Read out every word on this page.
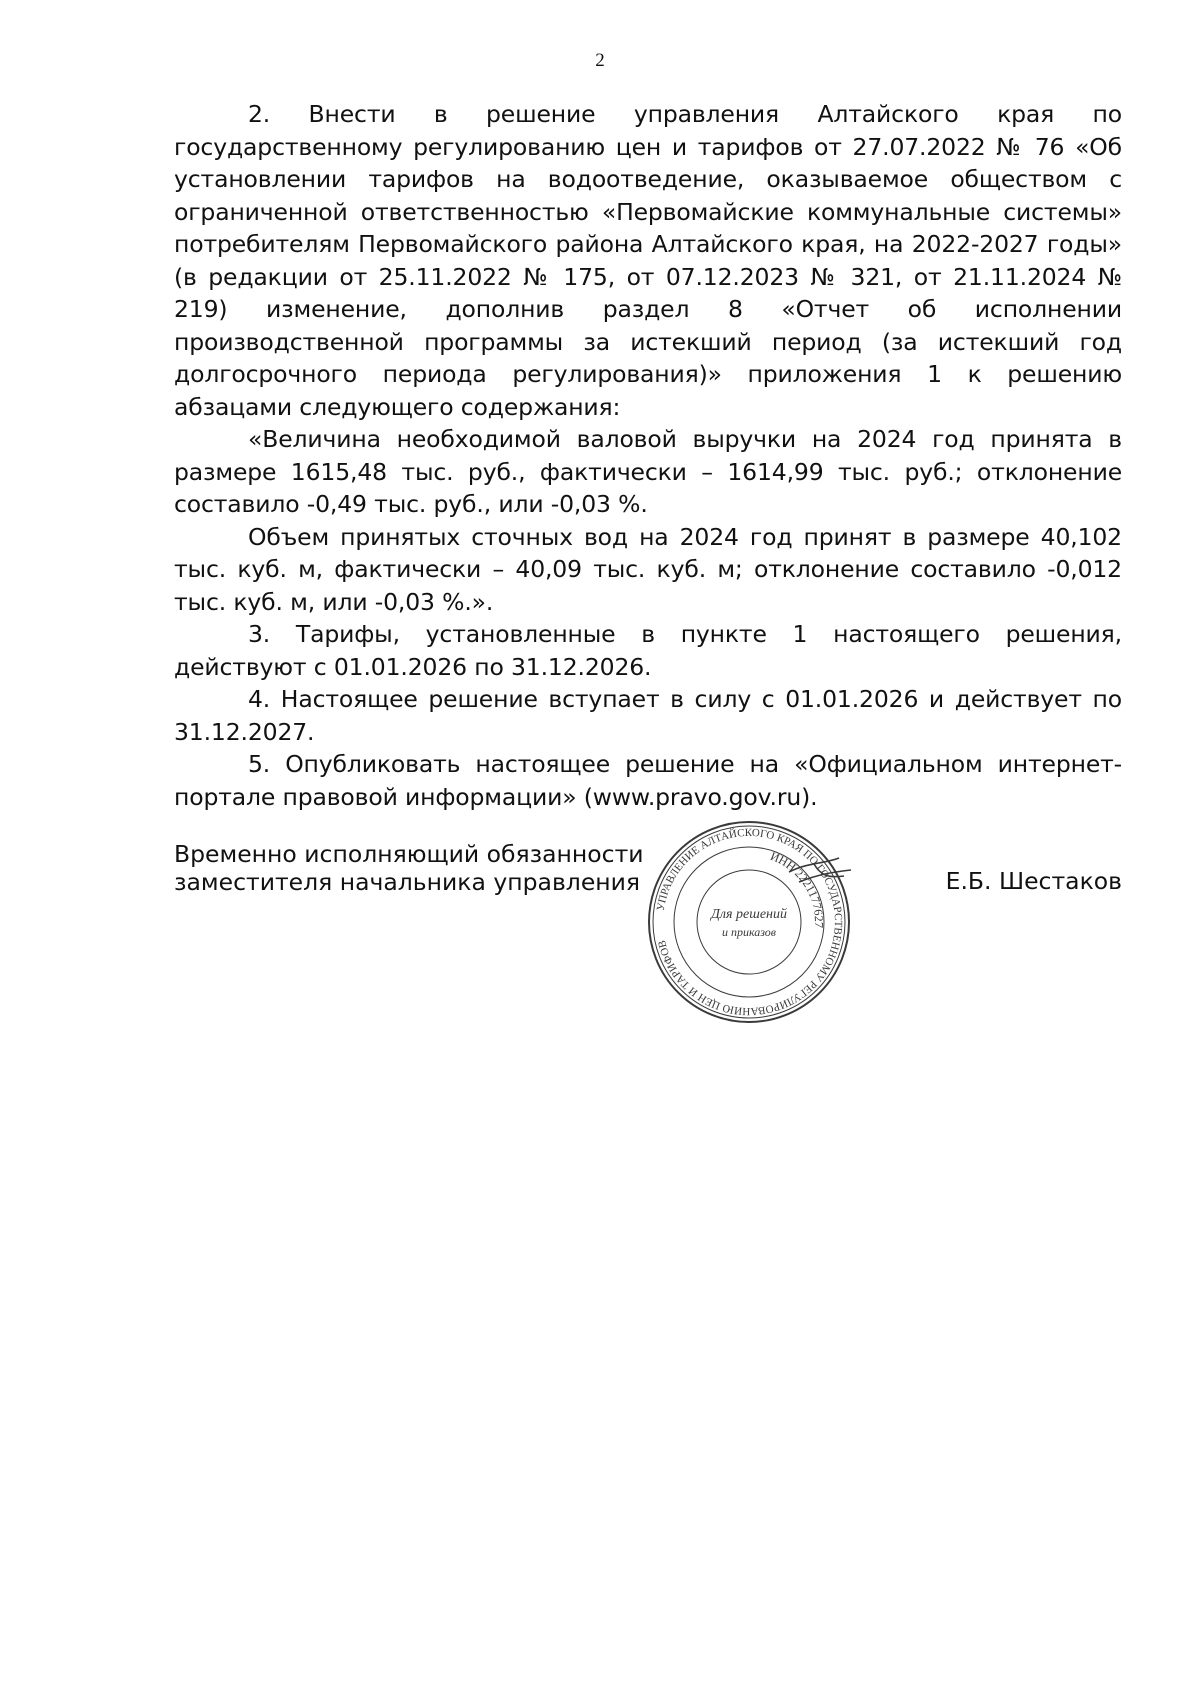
2

2. Внести в решение управления Алтайского края по государственному регулированию цен и тарифов от 27.07.2022 № 76 «Об установлении тарифов на водоотведение, оказываемое обществом с ограниченной ответственностью «Первомайские коммунальные системы» потребителям Первомайского района Алтайского края, на 2022-2027 годы» (в редакции от 25.11.2022 № 175, от 07.12.2023 № 321, от 21.11.2024 № 219) изменение, дополнив раздел 8 «Отчет об исполнении производственной программы за истекший период (за истекший год долгосрочного периода регулирования)» приложения 1 к решению абзацами следующего содержания:

«Величина необходимой валовой выручки на 2024 год принята в размере 1615,48 тыс. руб., фактически – 1614,99 тыс. руб.; отклонение составило -0,49 тыс. руб., или -0,03 %.

Объем принятых сточных вод на 2024 год принят в размере 40,102 тыс. куб. м, фактически – 40,09 тыс. куб. м; отклонение составило -0,012 тыс. куб. м, или -0,03 %.».

3. Тарифы, установленные в пункте 1 настоящего решения, действуют с 01.01.2026 по 31.12.2026.

4. Настоящее решение вступает в силу с 01.01.2026 и действует по 31.12.2027.

5. Опубликовать настоящее решение на «Официальном интернет-портале правовой информации» (www.pravo.gov.ru).

Временно исполняющий обязанности
заместителя начальника управления
УПРАВЛЕНИЕ АЛТАЙСКОГО КРАЯ ПО ГОСУДАРСТВЕННОМУ РЕГУЛИРОВАНИЮ ЦЕН И ТАРИФОВ
ИНН 2221177627
Для решений
и приказов
Е.Б. Шестаков
